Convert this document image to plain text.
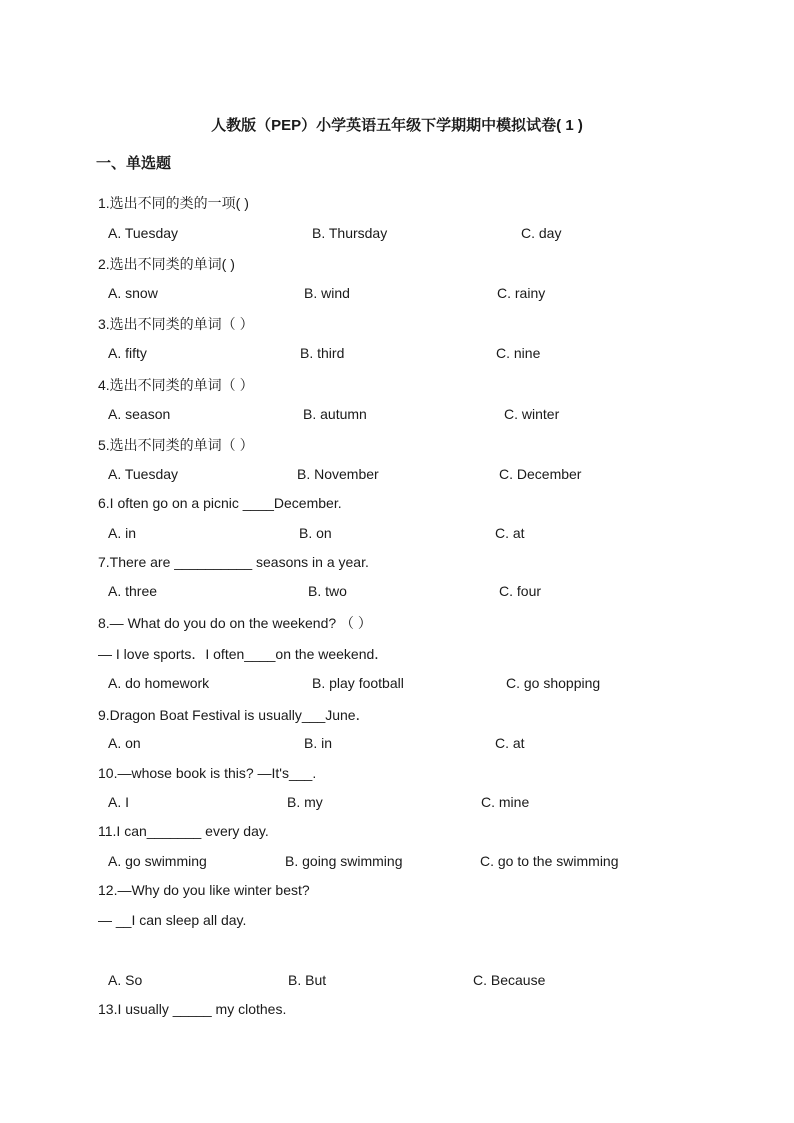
人教版（PEP）小学英语五年级下学期期中模拟试卷( 1 )
一、单选题
1.选出不同的类的一项( )
A. Tuesday	B. Thursday	C. day
2.选出不同类的单词( )
A. snow	B. wind	C. rainy
3.选出不同类的单词（ ）
A. fifty	B. third	C. nine
4.选出不同类的单词（ ）
A. season	B. autumn	C. winter
5.选出不同类的单词（ ）
A. Tuesday	B. November	C. December
6.I often go on a picnic ____December.
A. in	B. on	C. at
7.There are __________ seasons in a year.
A. three	B. two	C. four
8.— What do you do on the weekend? （ ）
— I love sports．I often____on the weekend．
A. do homework	B. play football	C. go shopping
9.Dragon Boat Festival is usually___June．
A. on	B. in	C. at
10.—whose book is this? —It's___.
A. I	B. my	C. mine
11.I can_______ every day.
A. go swimming	B. going swimming	C. go to the swimming
12.—Why do you like winter best?
— __I can sleep all day.
A. So	B. But	C. Because
13.I usually _____ my clothes.
